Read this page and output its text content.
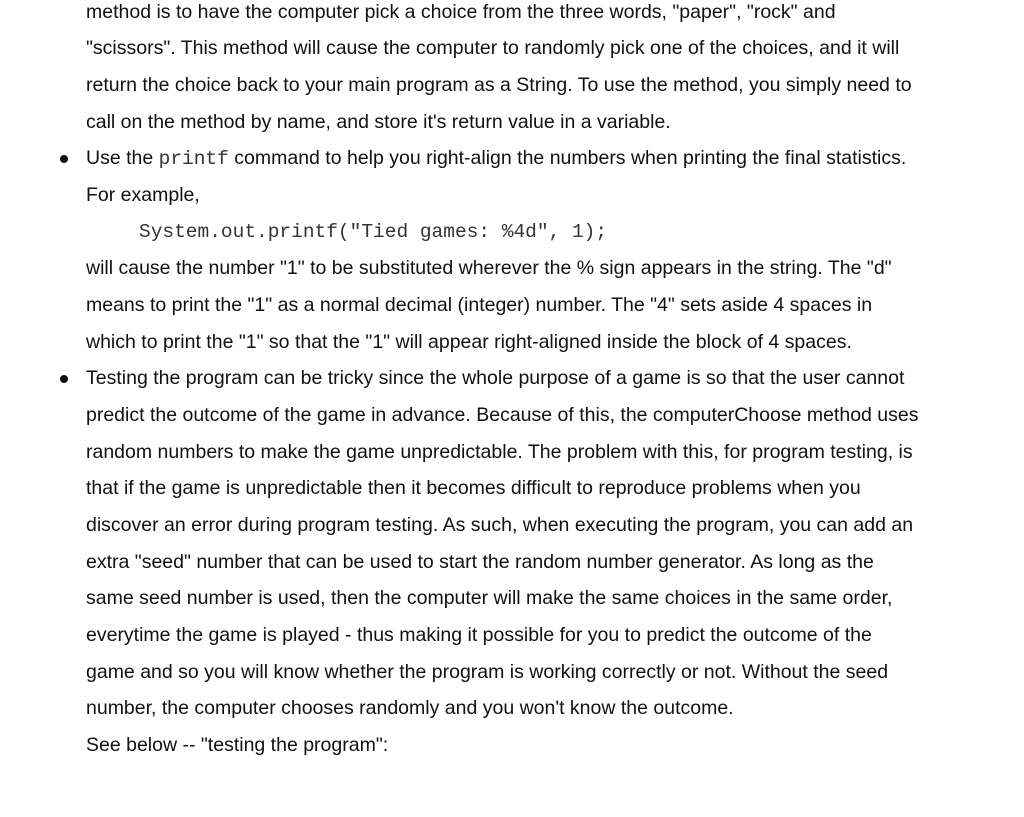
method is to have the computer pick a choice from the three words, "paper", "rock" and
"scissors". This method will cause the computer to randomly pick one of the choices, and it will
return the choice back to your main program as a String. To use the method, you simply need to
call on the method by name, and store it's return value in a variable.
Use the printf command to help you right-align the numbers when printing the final statistics.
For example,
System.out.printf("Tied games: %4d", 1);
will cause the number "1" to be substituted wherever the % sign appears in the string. The "d"
means to print the "1" as a normal decimal (integer) number. The "4" sets aside 4 spaces in
which to print the "1" so that the "1" will appear right-aligned inside the block of 4 spaces.
Testing the program can be tricky since the whole purpose of a game is so that the user cannot
predict the outcome of the game in advance. Because of this, the computerChoose method uses
random numbers to make the game unpredictable. The problem with this, for program testing, is
that if the game is unpredictable then it becomes difficult to reproduce problems when you
discover an error during program testing. As such, when executing the program, you can add an
extra "seed" number that can be used to start the random number generator. As long as the
same seed number is used, then the computer will make the same choices in the same order,
everytime the game is played - thus making it possible for you to predict the outcome of the
game and so you will know whether the program is working correctly or not. Without the seed
number, the computer chooses randomly and you won't know the outcome.
See below -- "testing the program":
